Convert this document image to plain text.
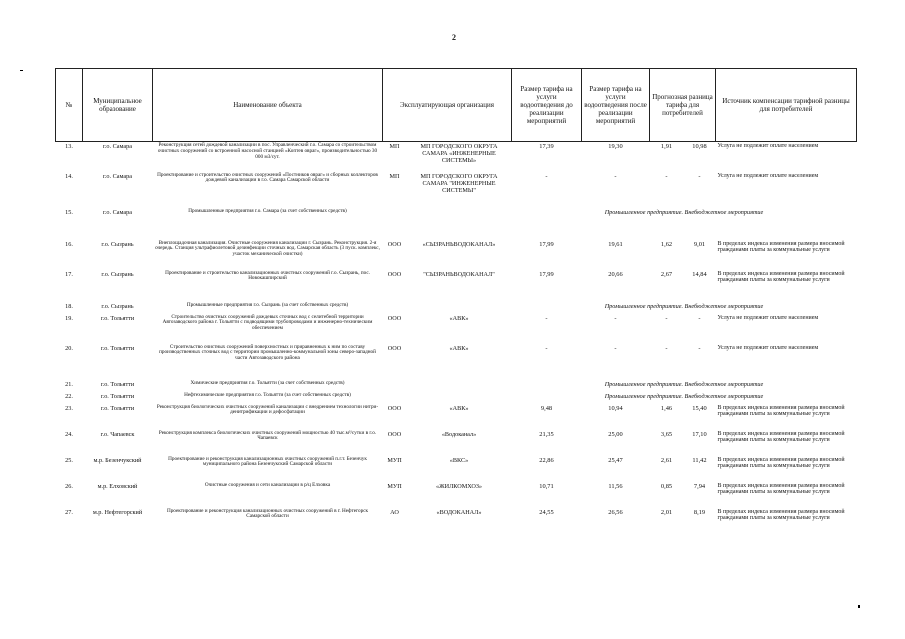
2
№	Муниципальное образование	Наименование объекта	Эксплуатирующая организация		Размер тарифа на услуги водоотведения до реализации мероприятий	Размер тарифа на услуги водоотведения после реализации мероприятий	Прогнозная разница тарифа для потребителей		Источник компенсации тарифной разницы для потребителей	
13.	г.о. Самара	Реконструкция сетей дождевой канализации в пос. Управленческий г.о. Самара со строительством очистных сооружений со встроенной насосной станцией «Коптев овраг», производительностью 30 000 м3/сут.	МП	МП ГОРОДСКОГО ОКРУГА САМАРА «ИНЖЕНЕРНЫЕ СИСТЕМЫ»	17,39	19,30	1,91	10,98	Услуга не подлежит оплате населением	
14.	г.о. Самара	Проектирование и строительство очистных сооружений «Постников овраг» и сборных коллекторов дождевой канализации в г.о. Самара Самарской области	МП	МП ГОРОДСКОГО ОКРУГА САМАРА "ИНЖЕНЕРНЫЕ СИСТЕМЫ"	-	-	-	-	Услуга не подлежит оплате населением	
15.	г.о. Самара	Промышленные предприятия г.о. Самара (за счет собственных средств)			Промышленное предприятие. Внебюджетное мероприятие					
16.	г.о. Сызрань	Внеплощадочная канализация. Очистные сооружения канализации г. Сызрань. Реконструкция. 2-я очередь. Станция ультрафиолетовой дезинфекции сточных вод. Самарская область (3 пуск. комплекс, участок механической очистки)	ООО	«СЫЗРАНЬВОДОКАНАЛ»	17,99	19,61	1,62	9,01	В пределах индекса изменения размера вносимой гражданами платы за коммунальные услуги	
17.	г.о. Сызрань	Проектирование и строительство канализационных очистных сооружений г.о. Сызрань, пос. Новокашпирский	ООО	"СЫЗРАНЬВОДОКАНАЛ"	17,99	20,66	2,67	14,84	В пределах индекса изменения размера вносимой гражданами платы за коммунальные услуги	
18.	г.о. Сызрань	Промышленные предприятия г.о. Сызрань (за счет собственных средств)			Промышленное предприятие. Внебюджетное мероприятие					
19.	г.о. Тольятти	Строительство очистных сооружений дождевых сточных вод с селитебной территории Автозаводского района г. Тольятти с подводящими трубопроводами и инженерно-техническим обеспечением	ООО	«АВК»	-	-	-	-	Услуга не подлежит оплате населением	
20.	г.о. Тольятти	Строительство очистных сооружений поверхностных и приравненных к ним по составу производственных сточных вод с территории промышленно-коммунальной зоны северо-западной части Автозаводского района	ООО	«АВК»	-	-	-	-	Услуга не подлежит оплате населением	
21.	г.о. Тольятти	Химические предприятия г.о. Тольятти (за счет собственных средств)			Промышленное предприятие. Внебюджетное мероприятие					
22.	г.о. Тольятти	Нефтехимические предприятия г.о. Тольятти (за счет собственных средств)			Промышленное предприятие. Внебюджетное мероприятие					
23.	г.о. Тольятти	Реконструкция биологических очистных сооружений канализации с внедрением технологии нитри-денитрификации и дефосфатации	ООО	«АВК»	9,48	10,94	1,46	15,40	В пределах индекса изменения размера вносимой гражданами платы за коммунальные услуги	
24.	г.о. Чапаевск	Реконструкция комплекса биологических очистных сооружений мощностью 40 тыс.м³/сутки в г.о. Чапаевск	ООО	«Водоканал»	21,35	25,00	3,65	17,10	В пределах индекса изменения размера вносимой гражданами платы за коммунальные услуги	
25.	м.р. Безенчукский	Проектирование и реконструкция канализационных очистных сооружений п.г.т. Безенчук муниципального района Безенчукский Самарской области	МУП	«ВКС»	22,86	25,47	2,61	11,42	В пределах индекса изменения размера вносимой гражданами платы за коммунальные услуги	
26.	м.р. Елховский	Очистные сооружения и сети канализации в р/ц Елховка	МУП	«ЖИЛКОМХОЗ»	10,71	11,56	0,85	7,94	В пределах индекса изменения размера вносимой гражданами платы за коммунальные услуги	
27.	м.р. Нефтегорский	Проектирование и реконструкция канализационных очистных сооружений в г. Нефтегорск Самарской области	АО	«ВОДОКАНАЛ»	24,55	26,56	2,01	8,19	В пределах индекса изменения размера вносимой гражданами платы за коммунальные услуги	
